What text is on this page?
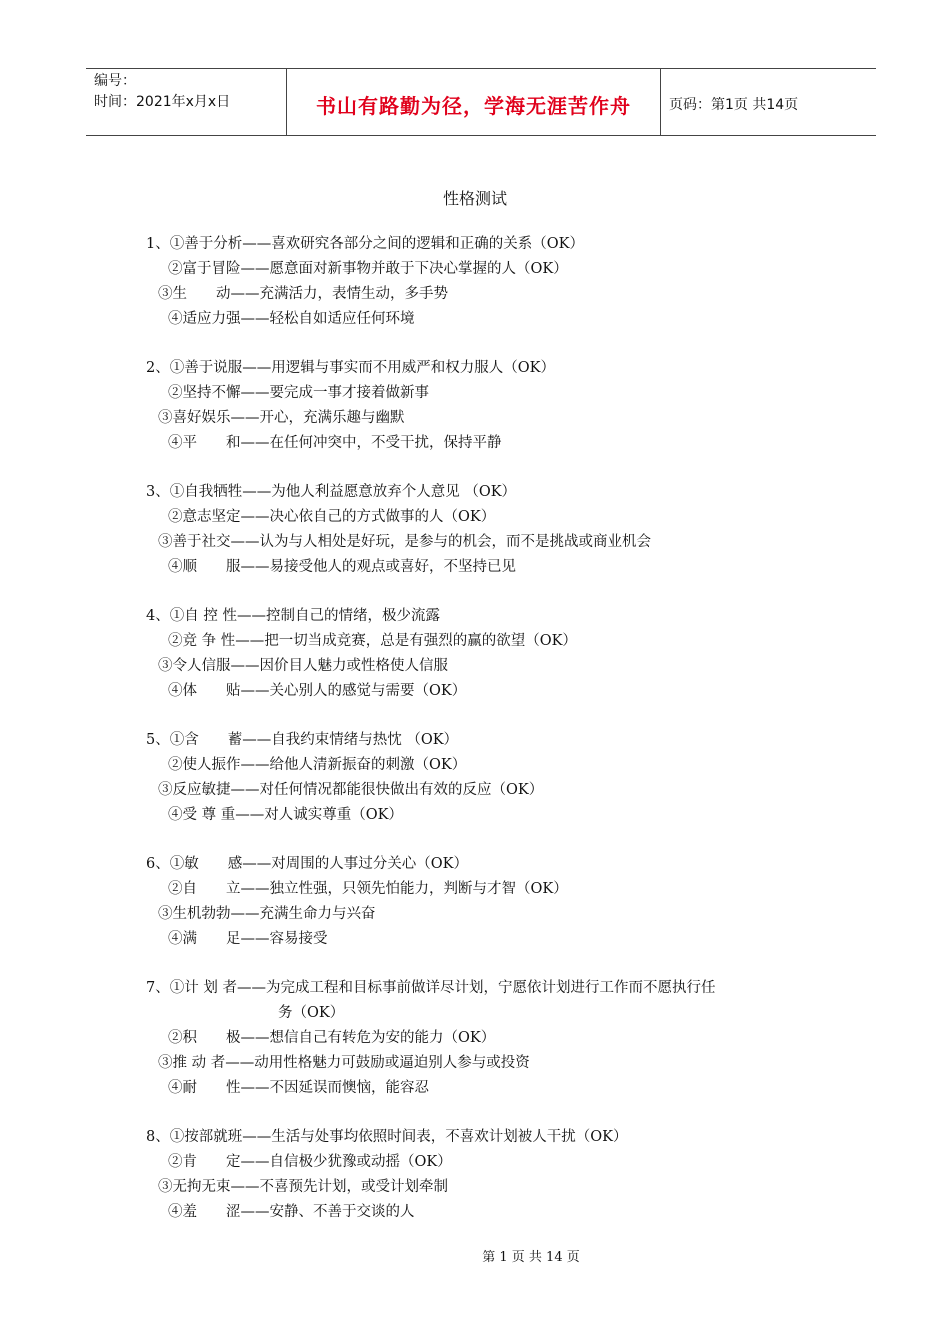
编号：
时间：2021年x月x日	书山有路勤为径，学海无涯苦作舟	页码：第1页 共14页
性格测试
1、①善于分析——喜欢研究各部分之间的逻辑和正确的关系（OK）
②富于冒险——愿意面对新事物并敢于下决心掌握的人（OK）
③生　　动——充满活力，表情生动，多手势
④适应力强——轻松自如适应任何环境
2、①善于说服——用逻辑与事实而不用威严和权力服人（OK）
②坚持不懈——要完成一事才接着做新事
③喜好娱乐——开心，充满乐趣与幽默
④平　　和——在任何冲突中，不受干扰，保持平静
3、①自我牺牲——为他人利益愿意放弃个人意见 （OK）
②意志坚定——决心依自己的方式做事的人（OK）
③善于社交——认为与人相处是好玩，是参与的机会，而不是挑战或商业机会
④顺　　服——易接受他人的观点或喜好，不坚持已见
4、①自 控 性——控制自己的情绪，极少流露
②竞 争 性——把一切当成竞赛，总是有强烈的赢的欲望（OK）
③令人信服——因价目人魅力或性格使人信服
④体　　贴——关心别人的感觉与需要（OK）
5、①含　　蓄——自我约束情绪与热忱 （OK）
②使人振作——给他人清新振奋的刺激（OK）
③反应敏捷——对任何情况都能很快做出有效的反应（OK）
④受 尊 重——对人诚实尊重（OK）
6、①敏　　感——对周围的人事过分关心（OK）
②自　　立——独立性强，只领先怕能力，判断与才智（OK）
③生机勃勃——充满生命力与兴奋
④满　　足——容易接受
7、①计 划 者——为完成工程和目标事前做详尽计划，宁愿依计划进行工作而不愿执行任
务（OK）
②积　　极——想信自己有转危为安的能力（OK）
③推 动 者——动用性格魅力可鼓励或逼迫别人参与或投资
④耐　　性——不因延误而懊恼，能容忍
8、①按部就班——生活与处事均依照时间表，不喜欢计划被人干扰（OK）
②肯　　定——自信极少犹豫或动摇（OK）
③无拘无束——不喜预先计划，或受计划牵制
④羞　　涩——安静、不善于交谈的人
第 1 页 共 14 页
